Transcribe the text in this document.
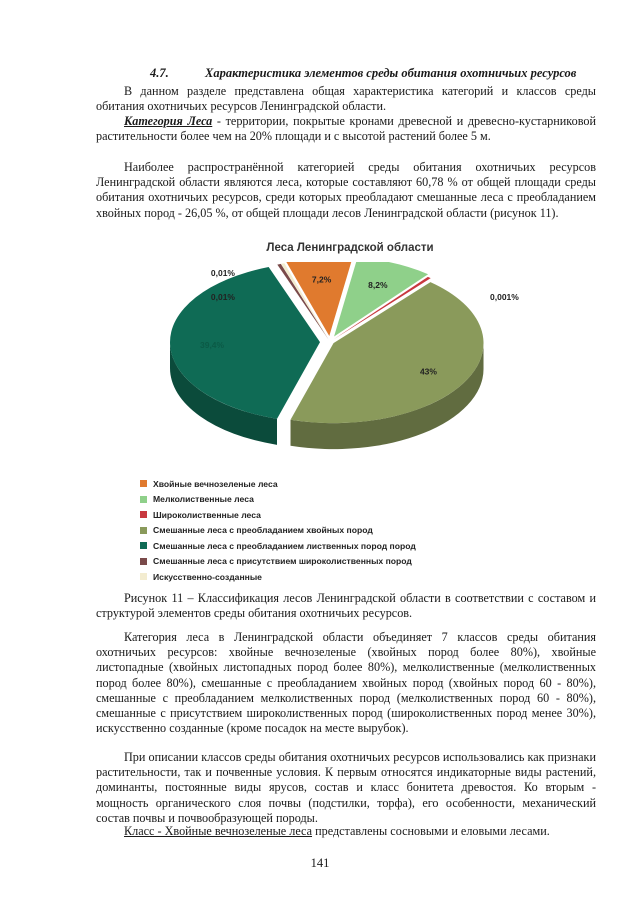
4.7.	Характеристика элементов среды обитания охотничьих ресурсов

В данном разделе представлена общая характеристика категорий и классов среды обитания охотничьих ресурсов Ленинградской области.

Категория Леса - территории, покрытые кронами древесной и древесно-кустарниковой растительности более чем на 20% площади и с высотой растений более 5 м.

Наиболее распространённой категорией среды обитания охотничьих ресурсов Ленинградской области являются леса, которые составляют 60,78 % от общей площади среды обитания охотничьих ресурсов, среди которых преобладают смешанные леса с преобладанием хвойных пород - 26,05 %, от общей площади лесов Ленинградской области (рисунок 11).

Леса Ленинградской области
7,2%
8,2%
0,001%
43%
39,4%
0,01%
0,01%
Хвойные вечнозеленые леса
Мелколиственные леса
Широколиственные леса
Смешанные леса с преобладанием хвойных пород
Смешанные леса с преобладанием лиственных пород пород
Смешанные леса с присутствием широколиственных пород
Искусственно-созданные

Рисунок 11 – Классификация лесов Ленинградской области в соответствии с составом и структурой элементов среды обитания охотничьих ресурсов.

Категория леса в Ленинградской области объединяет 7 классов среды обитания охотничьих ресурсов: хвойные вечнозеленые (хвойных пород более 80%), хвойные листопадные (хвойных листопадных пород более 80%), мелколиственные (мелколиственных пород более 80%), смешанные с преобладанием хвойных пород (хвойных пород 60 - 80%), смешанные с преобладанием мелколиственных пород (мелколиственных пород 60 - 80%), смешанные с присутствием широколиственных пород (широколиственных пород менее 30%), искусственно созданные (кроме посадок на месте вырубок).

При описании классов среды обитания охотничьих ресурсов использовались как признаки растительности, так и почвенные условия. К первым относятся индикаторные виды растений, доминанты, постоянные виды ярусов, состав и класс бонитета древостоя. Ко вторым - мощность органического слоя почвы (подстилки, торфа), его особенности, механический состав почвы и почвообразующей породы.

Класс - Хвойные вечнозеленые леса представлены сосновыми и еловыми лесами.

141
